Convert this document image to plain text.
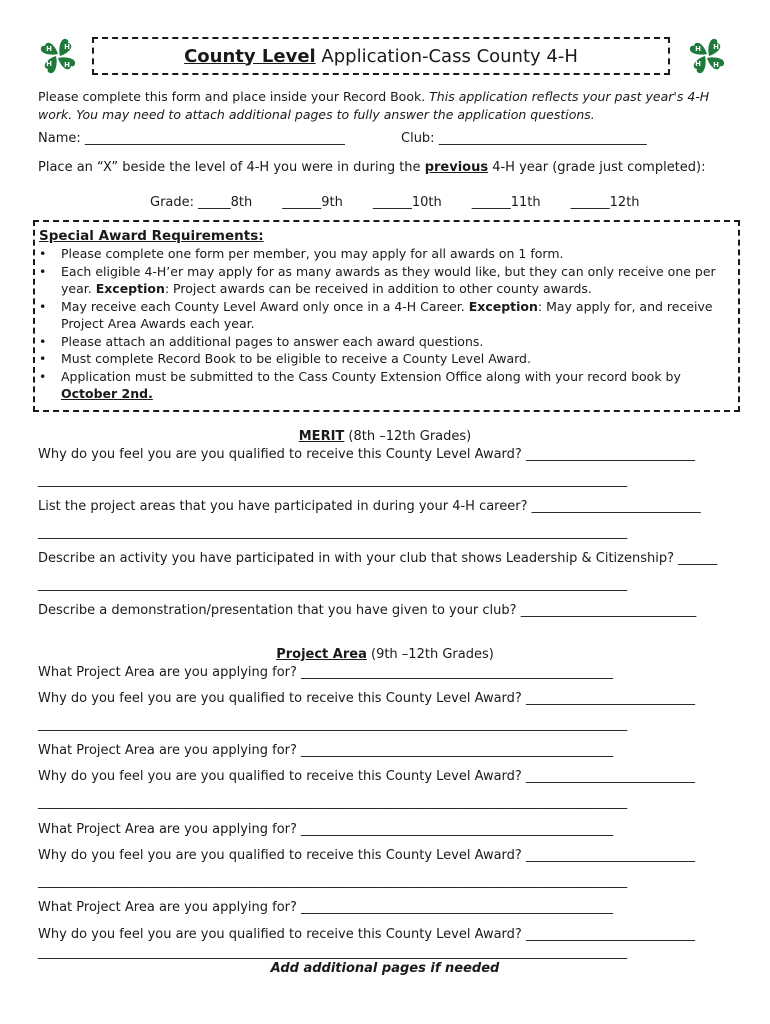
H H
H
H	County Level Application-Cass County 4-H	H H
H
H
Please complete this form and place inside your Record Book. This application reflects your past year's 4-H work. You may need to attach additional pages to fully answer the application questions.
Name: ________________________________________	Club: ________________________________
Place an “X” beside the level of 4-H you were in during the previous 4-H year (grade just completed):
Grade: _____8th ______9th ______10th ______11th ______12th
Special Award Requirements:
• Please complete one form per member, you may apply for all awards on 1 form.
• Each eligible 4-H’er may apply for as many awards as they would like, but they can only receive one per year. Exception: Project awards can be received in addition to other county awards.
• May receive each County Level Award only once in a 4-H Career. Exception: May apply for, and receive Project Area Awards each year.
• Please attach an additional pages to answer each award questions.
• Must complete Record Book to be eligible to receive a County Level Award.
• Application must be submitted to the Cass County Extension Office along with your record book by October 2nd.
MERIT (8th –12th Grades)
Why do you feel you are you qualified to receive this County Level Award? __________________________
_______________________________________________________________________________________________
List the project areas that you have participated in during your 4-H career? __________________________
_______________________________________________________________________________________________
Describe an activity you have participated in with your club that shows Leadership & Citizenship? ______
_______________________________________________________________________________________________
Describe a demonstration/presentation that you have given to your club? ___________________________
Project Area (9th –12th Grades)
What Project Area are you applying for? ________________________________________________
Why do you feel you are you qualified to receive this County Level Award? __________________________
_______________________________________________________________________________________________
What Project Area are you applying for? ________________________________________________
Why do you feel you are you qualified to receive this County Level Award? __________________________
_______________________________________________________________________________________________
What Project Area are you applying for? ________________________________________________
Why do you feel you are you qualified to receive this County Level Award? __________________________
_______________________________________________________________________________________________
What Project Area are you applying for? ________________________________________________
Why do you feel you are you qualified to receive this County Level Award? __________________________
_______________________________________________________________________________________________
Add additional pages if needed
